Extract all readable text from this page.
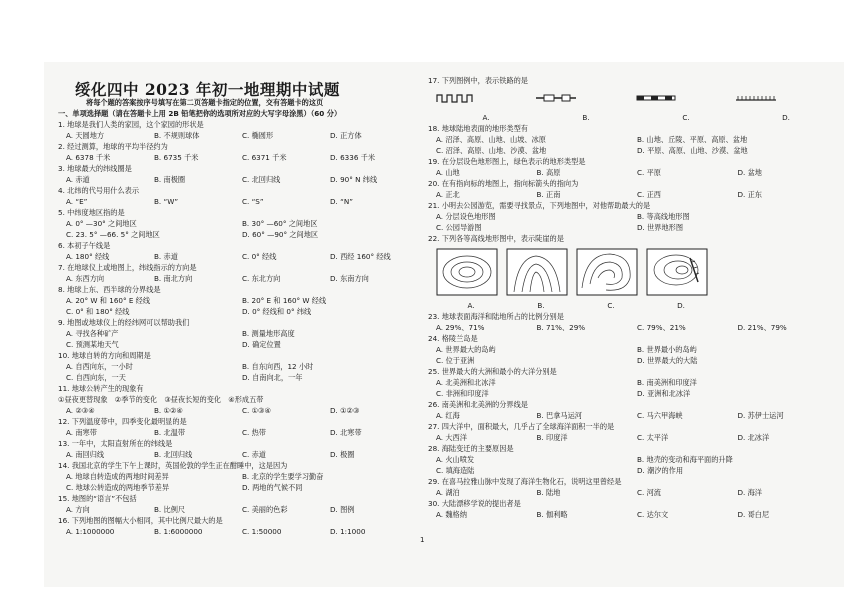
绥化四中 2023 年初一地理期中试题
将每个题的答案按序号填写在第二页答题卡指定的位置，交有答题卡的这页
一、单项选择题（请在答题卡上用 2B 铅笔把你的选项所对应的大写字母涂黑）（60 分）
1. 地球是我们人类的家园，这个家园的形状是
A. 天圆地方	B. 不规则球体	C. 椭圆形	D. 正方体
2. 经过测算，地球的平均半径约为
A. 6378 千米	B. 6735 千米	C. 6371 千米	D. 6336 千米
3. 地球最大的纬线圈是
A. 赤道	B. 南极圈	C. 北回归线	D. 90° N 纬线
4. 北纬的代号用什么表示
A. “E”	B. “W”	C. “S”	D. “N”
5. 中纬度地区指的是
A. 0° —30° 之间地区	B. 30° —60° 之间地区
C. 23. 5° —66. 5° 之间地区	D. 60° —90° 之间地区
6. 本初子午线是
A. 180° 经线	B. 赤道	C. 0° 经线	D. 西经 160° 经线
7. 在地球仪上或地图上，纬线指示的方向是
A. 东西方向	B. 南北方向	C. 东北方向	D. 东南方向
8. 地球上东、西半球的分界线是
A. 20° W 和 160° E 经线	B. 20° E 和 160° W 经线
C. 0° 和 180° 经线	D. 0° 经线和 0° 纬线
9. 地图或地球仪上的经纬网可以帮助我们
A. 寻找各种矿产	B. 测量地形高度
C. 预测某地天气	D. 确定位置
10. 地球自转的方向和周期是
A. 自西向东，一小时	B. 自东向西，12 小时
C. 自西向东，一天	D. 自南向北，一年
11. 地球公转产生的现象有
①昼夜更替现象　②季节的变化　③昼夜长短的变化　④形成五带
A. ②③④	B. ①②④	C. ①③④	D. ①②③
12. 下列温度带中，四季变化最明显的是
A. 南寒带	B. 北温带	C. 热带	D. 北寒带
13. 一年中，太阳直射所在的纬线是
A. 南回归线	B. 北回归线	C. 赤道	D. 极圈
14. 我国北京的学生下午上课时，英国伦敦的学生正在酣睡中，这是因为
A. 地球自转造成的两地时间差异	B. 北京的学生要学习勤奋
C. 地球公转造成的两地季节差异	D. 两地的气候不同
15. 地图的“语言”不包括
A. 方向	B. 比例尺	C. 美丽的色彩	D. 图例
16. 下列地图的图幅大小相同，其中比例尺最大的是
A. 1:1000000	B. 1:6000000	C. 1:50000	D. 1:1000
17. 下列图例中，表示铁路的是
A.	B.	C.	D.
18. 地球陆地表面的地形类型有
A. 沼泽、高原、山地、山坡、冰原	B. 山地、丘陵、平原、高原、盆地
C. 沼泽、高原、山地、沙漠、盆地	D. 平原、高原、山地、沙漠、盆地
19. 在分层设色地形图上，绿色表示的地形类型是
A. 山地	B. 高原	C. 平原	D. 盆地
20. 在有指向标的地图上，指向标箭头的指向为
A. 正北	B. 正南	C. 正西	D. 正东
21. 小明去公园游览，需要寻找景点，下列地图中，对他帮助最大的是
A. 分层设色地形图	B. 等高线地形图
C. 公园导游图	D. 世界地形图
22. 下列各等高线地形图中，表示陡崖的是
A.	B.	C.	D.
23. 地球表面海洋和陆地所占的比例分别是
A. 29%、71%	B. 71%、29%	C. 79%、21%	D. 21%、79%
24. 格陵兰岛是
A. 世界最大的岛屿	B. 世界最小的岛屿
C. 位于亚洲	D. 世界最大的大陆
25. 世界最大的大洲和最小的大洋分别是
A. 北美洲和北冰洋	B. 南美洲和印度洋
C. 非洲和印度洋	D. 亚洲和北冰洋
26. 南美洲和北美洲的分界线是
A. 红海	B. 巴拿马运河	C. 马六甲海峡	D. 苏伊士运河
27. 四大洋中，面积最大，几乎占了全球海洋面积一半的是
A. 大西洋	B. 印度洋	C. 太平洋	D. 北冰洋
28. 海陆变迁的主要原因是
A. 火山喷发	B. 地壳的变动和海平面的升降
C. 填海造陆	D. 潮汐的作用
29. 在喜马拉雅山脉中发现了海洋生物化石，说明这里曾经是
A. 湖泊	B. 陆地	C. 河流	D. 海洋
30. 大陆漂移学说的提出者是
A. 魏格纳	B. 伽利略	C. 达尔文	D. 哥白尼
1
